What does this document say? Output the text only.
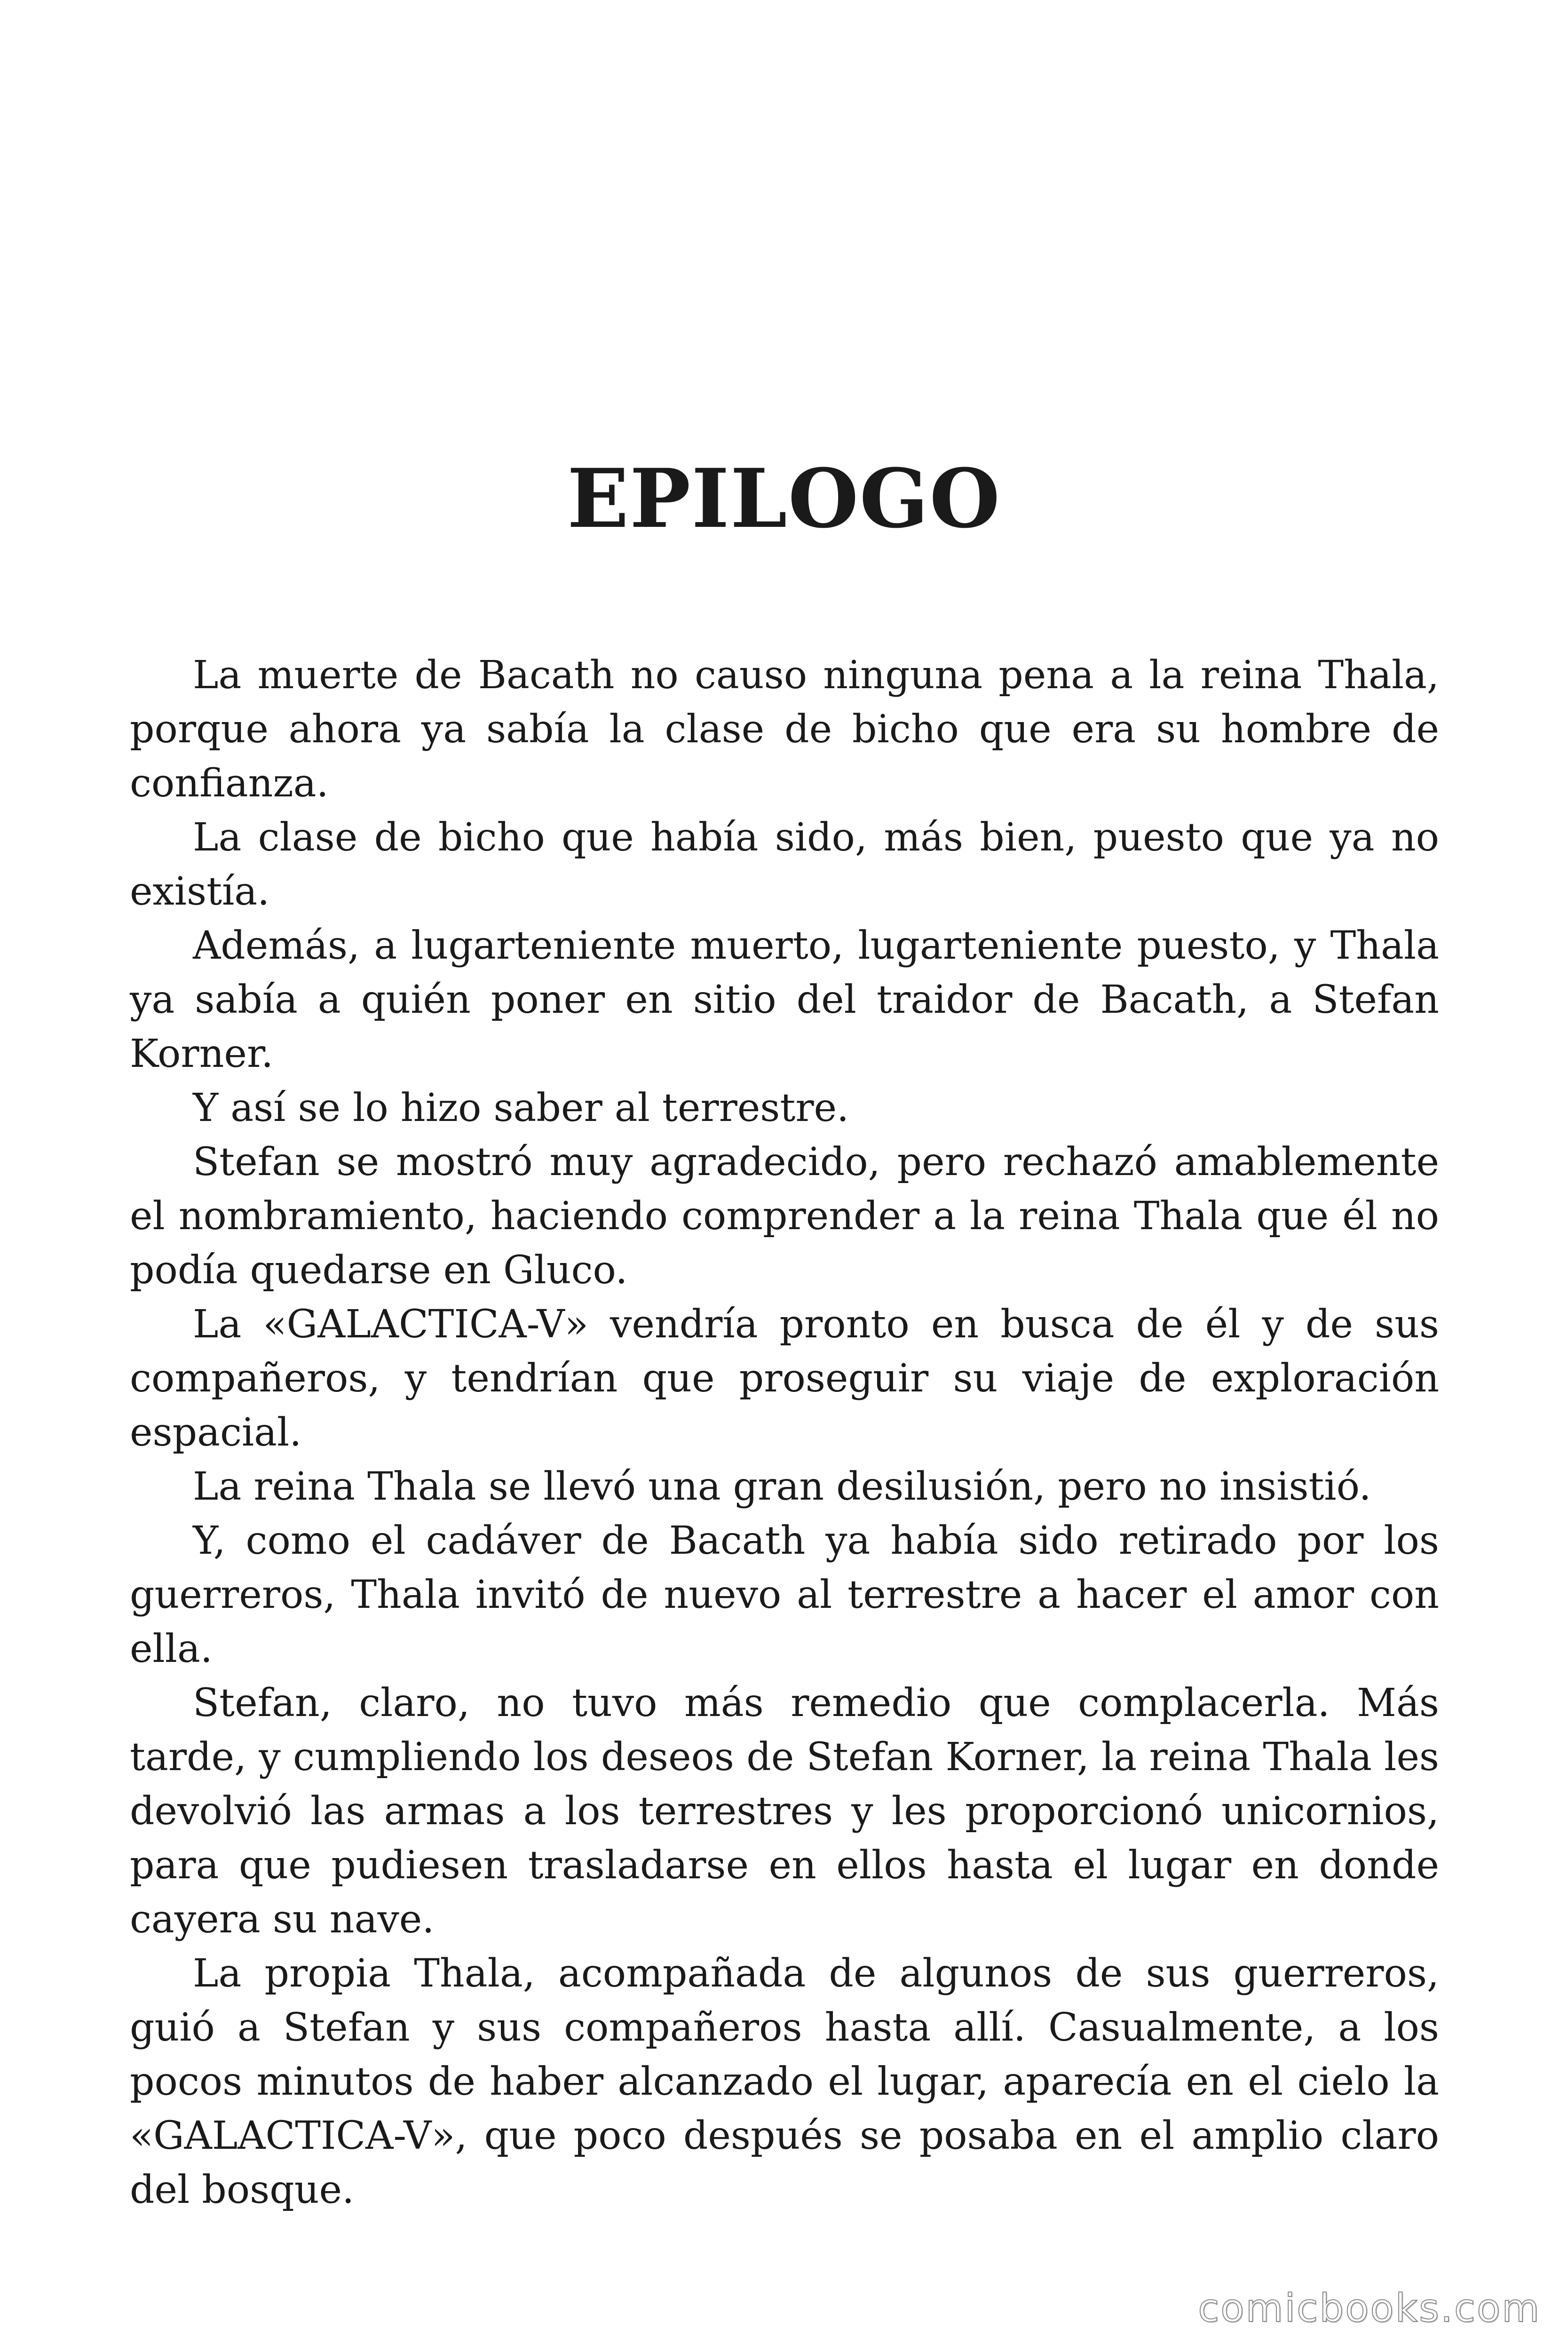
EPILOGO

La muerte de Bacath no causo ninguna pena a la reina Thala, porque ahora ya sabía la clase de bicho que era su hombre de confianza.

La clase de bicho que había sido, más bien, puesto que ya no existía.

Además, a lugarteniente muerto, lugarteniente puesto, y Thala ya sabía a quién poner en sitio del traidor de Bacath, a Stefan Korner.

Y así se lo hizo saber al terrestre.

Stefan se mostró muy agradecido, pero rechazó amablemente el nombramiento, haciendo comprender a la reina Thala que él no podía quedarse en Gluco.

La «GALACTICA-V» vendría pronto en busca de él y de sus compañeros, y tendrían que proseguir su viaje de exploración espacial.

La reina Thala se llevó una gran desilusión, pero no insistió.

Y, como el cadáver de Bacath ya había sido retirado por los guerreros, Thala invitó de nuevo al terrestre a hacer el amor con ella.

Stefan, claro, no tuvo más remedio que complacerla. Más tarde, y cumpliendo los deseos de Stefan Korner, la reina Thala les devolvió las armas a los terrestres y les proporcionó unicornios, para que pudiesen trasladarse en ellos hasta el lugar en donde cayera su nave.

La propia Thala, acompañada de algunos de sus guerreros, guió a Stefan y sus compañeros hasta allí. Casualmente, a los pocos minutos de haber alcanzado el lugar, aparecía en el cielo la «GALACTICA-V», que poco después se posaba en el amplio claro del bosque.

comicbooks.com
